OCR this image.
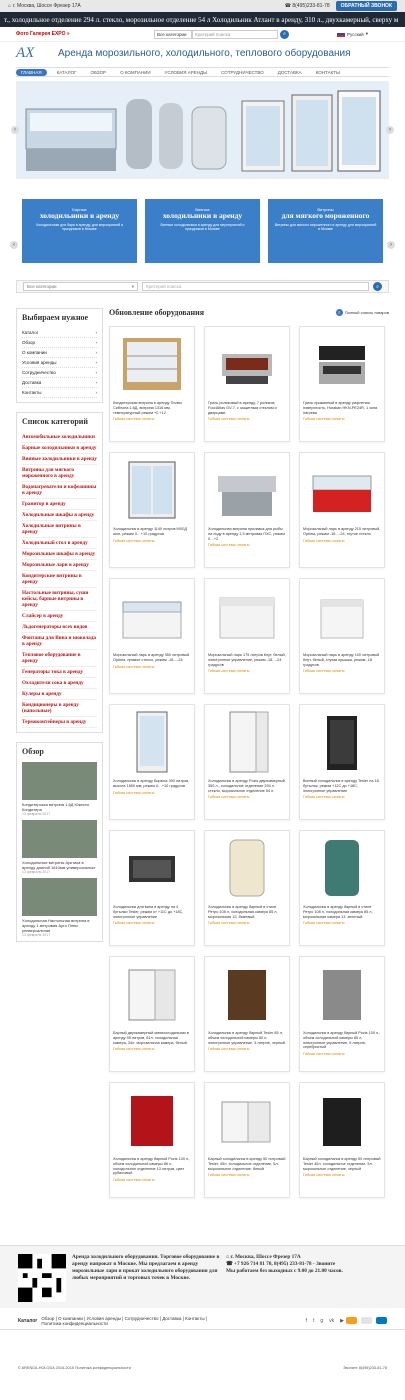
⌂ г. Москва, Шоссе Фрезер 17А	☎ 8(495)233-81-78	ОБРАТНЫЙ ЗВОНОК
т., холодильное отделение 294 л. стекло, морозильное отделение 54 л Холодильник Атлант в аренду, 310 л., двухкамерный, сверху м
Фото Галерея EXPO »	Все категории	Критерий поиска	⌕	Русский ▾
AX	Аренда морозильного, холодильного, теплового оборудования
ГЛАВНАЯ	КАТАЛОГ	ОБЗОР	О КОМПАНИИ	УСЛОВИЯ АРЕНДЫ	СОТРУДНИЧЕСТВО	ДОСТАВКА	КОНТАКТЫ
‹	›
Барные
холодильники в аренду
Холодильники для бара в аренду, для мероприятий и праздников в Москве
Винные
холодильники в аренду
Винные холодильники в аренду для мероприятий и праздников в Москве
Витрины
для мягкого мороженного
Витрины для мягкого мороженного в аренду для мероприятий в Москве
‹	›
Все категории	▾	Критерий поиска	⌕
Выбираем нужное
Каталог	›
Обзор	›
О компании	›
Условия аренды	›
Сотрудничество	›
Доставка	›
Контакты	›
Список категорий
Автомобильные холодильники
Барные холодильники в аренду
Винные холодильники в аренду
Витрины для мягкого мороженного в аренду
Водонагреватели и кофеашины в аренду
Гранитор в аренду
Холодильные шкафы в аренду
Холодильные витрины в аренду
Холодильный стол в аренду
Морозильные шкафы в аренду
Морозильные лари в аренду
Кондитерские витрины в аренду
Настольные витрины, суши кейсы, барные витрины в аренду
Слайсер в аренду
Льдогенераторы всех видов
Фонтаны для Вина и шоколада в аренду
Тепловое оборудование в аренду
Генераторы тока в аренду
Охладители сока в аренду
Кулеры в аренду
Кондиционеры в аренду (напольные)
Термоконтейнеры в аренду
Обзор
Кондитерская витрина 1.6Д Южного Кондитера
13 февраля 2017
Холодильные витрины Арктика в аренду длиной 1610мм универсальные
13 февраля 2017
Холодильная Настольная витрина в аренду 1 метровая Арго Плюс универсальная
13 февраля 2017
Обновление оборудования	≡	Полный список товаров
Кондитерская витрина в аренду Полюс Сиблона 1.6Д, витрина 1316 мм, температурный режим +0 +12
Гибкая система оплаты
Гриль роликовый в аренду, 7 роликов, FoodAtlas GV-7, с защитным стеклом и дверцами
Гибкая система оплаты
Гриль прижимной в аренду рифленая поверхность, Hurakan HKN-PE24R, 1 зона нагрева
Гибкая система оплаты
Холодильник в аренду 1140 литров МХ0Д шоп, режим 0…+10 градусов
Гибкая система оплаты
Холодильная витрина прилавок для рыбы на льду в аренду 1,5 метровая ПХС, режим 0…+2
Гибкая система оплаты
Морозильный ларь в аренду 215 литровый, Optima, режим -18…-24, гнутое стекло
Гибкая система оплаты
Морозильный ларь в аренду 350 литровый Optima, прямое стекло, режим -18…-24
Гибкая система оплаты
Морозильный ларь 175 литров Кнут, белый, электронное управление, режим -18…-24 градусов
Гибкая система оплаты
Морозильный ларь в аренду 100 литровый Кнут, белый, глухая крышка, режим -18 градусов
Гибкая система оплаты
Холодильник в аренду Бирюса 300 литров, высота 1650 мм, режим 0…+10 градусов
Гибкая система оплаты
Холодильник в аренду Pozis двухкамерный 350 л., холодильное отделение 294 л. стекло, морозильное отделение 54 л.
Гибкая система оплаты
Винный холодильник в аренду Tesler на 18 бутылок, режим +12С до +18С, электронное управление
Гибкая система оплаты
Холодильник для вина в аренду на 4 бутылки Tesler, режим от +11С до +18С, электронное управление
Гибкая система оплаты
Холодильник в аренду барный в стиле Ретро 108 л, холодильная камера 85 л, морозильная 13, бежевый
Гибкая система оплаты
Холодильник в аренду барный в стиле Ретро 108 л, холодильная камера 85 л, морозильная камера 13, зеленый
Гибкая система оплаты
Барный двухкамерный минихолодильник в аренду 95 литров, 61л. холодильная камера, 34л. морозильная камера, белый
Гибкая система оплаты
Холодильник в аренду барный Tesler 85 л, объем холодильной камеры 80 л, электронное управление, 5 литров, черный
Гибкая система оплаты
Холодильник в аренду барный Pozis 100 л., объем холодильной камеры 85 л, электронное управление, 5 литров, серебристый
Гибкая система оплаты
Холодильник в аренду барный Pozis 100 л., объем холодильной камеры 86 л, холодильное отделение 13 литров, цвет рубиновый
Гибкая система оплаты
Барный холодильник в аренду 50 литровый Tesler, 45л. холодильное отделение, 5л. морозильное отделение, белый
Гибкая система оплаты
Барный холодильник в аренду 50 литровый Tesler 45л. холодильное отделение, 5л. морозильное отделение, черный
Гибкая система оплаты
Аренда холодильного оборудования. Торговое оборудование в аренду напрокат в Москве. Мы предлагаем в аренду морозильные лари и прокат холодильного оборудования для любых мероприятий и торговых точек в Москве.
⌂ г. Москва, Шоссе Фрезер 17А
☎ +7 926 714 81 70, 8(495) 233-81-78 - Звоните
Мы работаем без выходных с 9.00 до 21.00 часов.
Каталог Обзор | О компании | Условия аренды | Сотрудничество | Доставка | Контакты | Политика конфиденциальности	f t g vk ▶
© ARENDA-HOLODA 2016-2018 Политика конфиденциальности	Звоните 8(495)233-81-78
